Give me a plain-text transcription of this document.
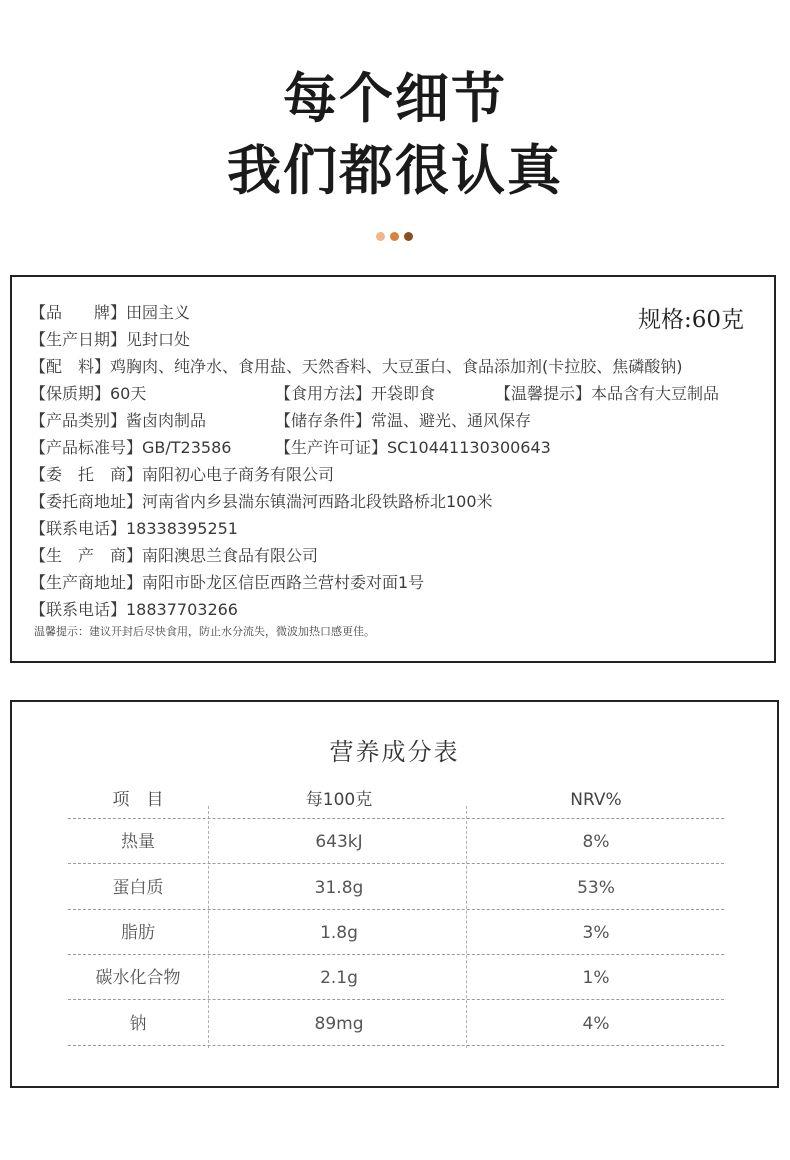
每个细节
我们都很认真
规格:60克
【品　　牌】田园主义
【生产日期】见封口处
【配　料】鸡胸肉、纯净水、食用盐、天然香料、大豆蛋白、食品添加剂(卡拉胶、焦磷酸钠)
【保质期】60天	【食用方法】开袋即食	【温馨提示】本品含有大豆制品
【产品类别】酱卤肉制品	【储存条件】常温、避光、通风保存
【产品标准号】GB/T23586	【生产许可证】SC10441130300643
【委　托　商】南阳初心电子商务有限公司
【委托商地址】河南省内乡县湍东镇湍河西路北段铁路桥北100米
【联系电话】18338395251
【生　产　商】南阳澳思兰食品有限公司
【生产商地址】南阳市卧龙区信臣西路兰营村委对面1号
【联系电话】18837703266
温馨提示：建议开封后尽快食用，防止水分流失，微波加热口感更佳。
营养成分表
项　目	每100克	NRV%
热量	643kJ	8%
蛋白质	31.8g	53%
脂肪	1.8g	3%
碳水化合物	2.1g	1%
钠	89mg	4%
